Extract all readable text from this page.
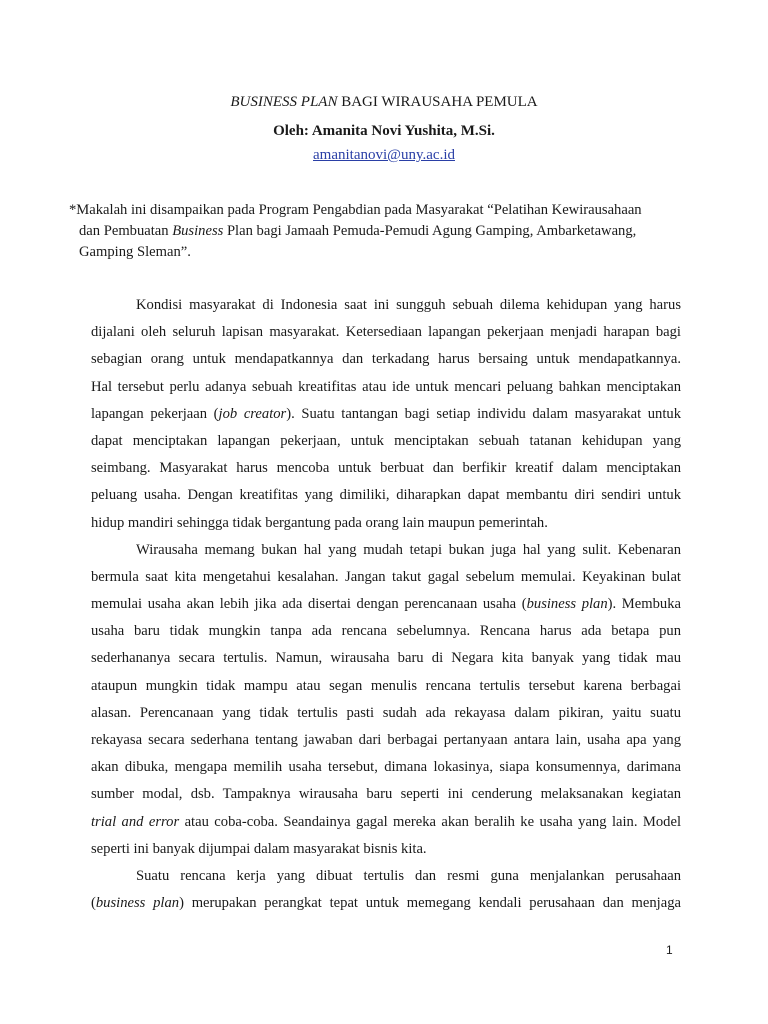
BUSINESS PLAN BAGI WIRAUSAHA PEMULA
Oleh: Amanita Novi Yushita, M.Si.
amanitanovi@uny.ac.id
*Makalah ini disampaikan pada Program Pengabdian pada Masyarakat “Pelatihan Kewirausahaan
dan Pembuatan Business Plan bagi Jamaah Pemuda-Pemudi Agung Gamping, Ambarketawang,
Gamping Sleman”.
Kondisi masyarakat di Indonesia saat ini sungguh sebuah dilema kehidupan yang harus
dijalani oleh seluruh lapisan masyarakat. Ketersediaan lapangan pekerjaan menjadi harapan bagi
sebagian orang untuk mendapatkannya dan terkadang harus bersaing untuk mendapatkannya.
Hal tersebut perlu adanya sebuah kreatifitas atau ide untuk mencari peluang bahkan menciptakan
lapangan pekerjaan (job creator). Suatu tantangan bagi setiap individu dalam masyarakat untuk
dapat menciptakan lapangan pekerjaan, untuk menciptakan sebuah tatanan kehidupan yang
seimbang. Masyarakat harus mencoba untuk berbuat dan berfikir kreatif dalam menciptakan
peluang usaha. Dengan kreatifitas yang dimiliki, diharapkan dapat membantu diri sendiri untuk
hidup mandiri sehingga tidak bergantung pada orang lain maupun pemerintah.
Wirausaha memang bukan hal yang mudah tetapi bukan juga hal yang sulit. Kebenaran
bermula saat kita mengetahui kesalahan. Jangan takut gagal sebelum memulai. Keyakinan bulat
memulai usaha akan lebih jika ada disertai dengan perencanaan usaha (business plan). Membuka
usaha baru tidak mungkin tanpa ada rencana sebelumnya. Rencana harus ada betapa pun
sederhananya secara tertulis. Namun, wirausaha baru di Negara kita banyak yang tidak mau
ataupun mungkin tidak mampu atau segan menulis rencana tertulis tersebut karena berbagai
alasan. Perencanaan yang tidak tertulis pasti sudah ada rekayasa dalam pikiran, yaitu suatu
rekayasa secara sederhana tentang jawaban dari berbagai pertanyaan antara lain, usaha apa yang
akan dibuka, mengapa memilih usaha tersebut, dimana lokasinya, siapa konsumennya, darimana
sumber modal, dsb. Tampaknya wirausaha baru seperti ini cenderung melaksanakan kegiatan
trial and error atau coba-coba. Seandainya gagal mereka akan beralih ke usaha yang lain. Model
seperti ini banyak dijumpai dalam masyarakat bisnis kita.
Suatu rencana kerja yang dibuat tertulis dan resmi guna menjalankan perusahaan
(business plan) merupakan perangkat tepat untuk memegang kendali perusahaan dan menjaga
1
